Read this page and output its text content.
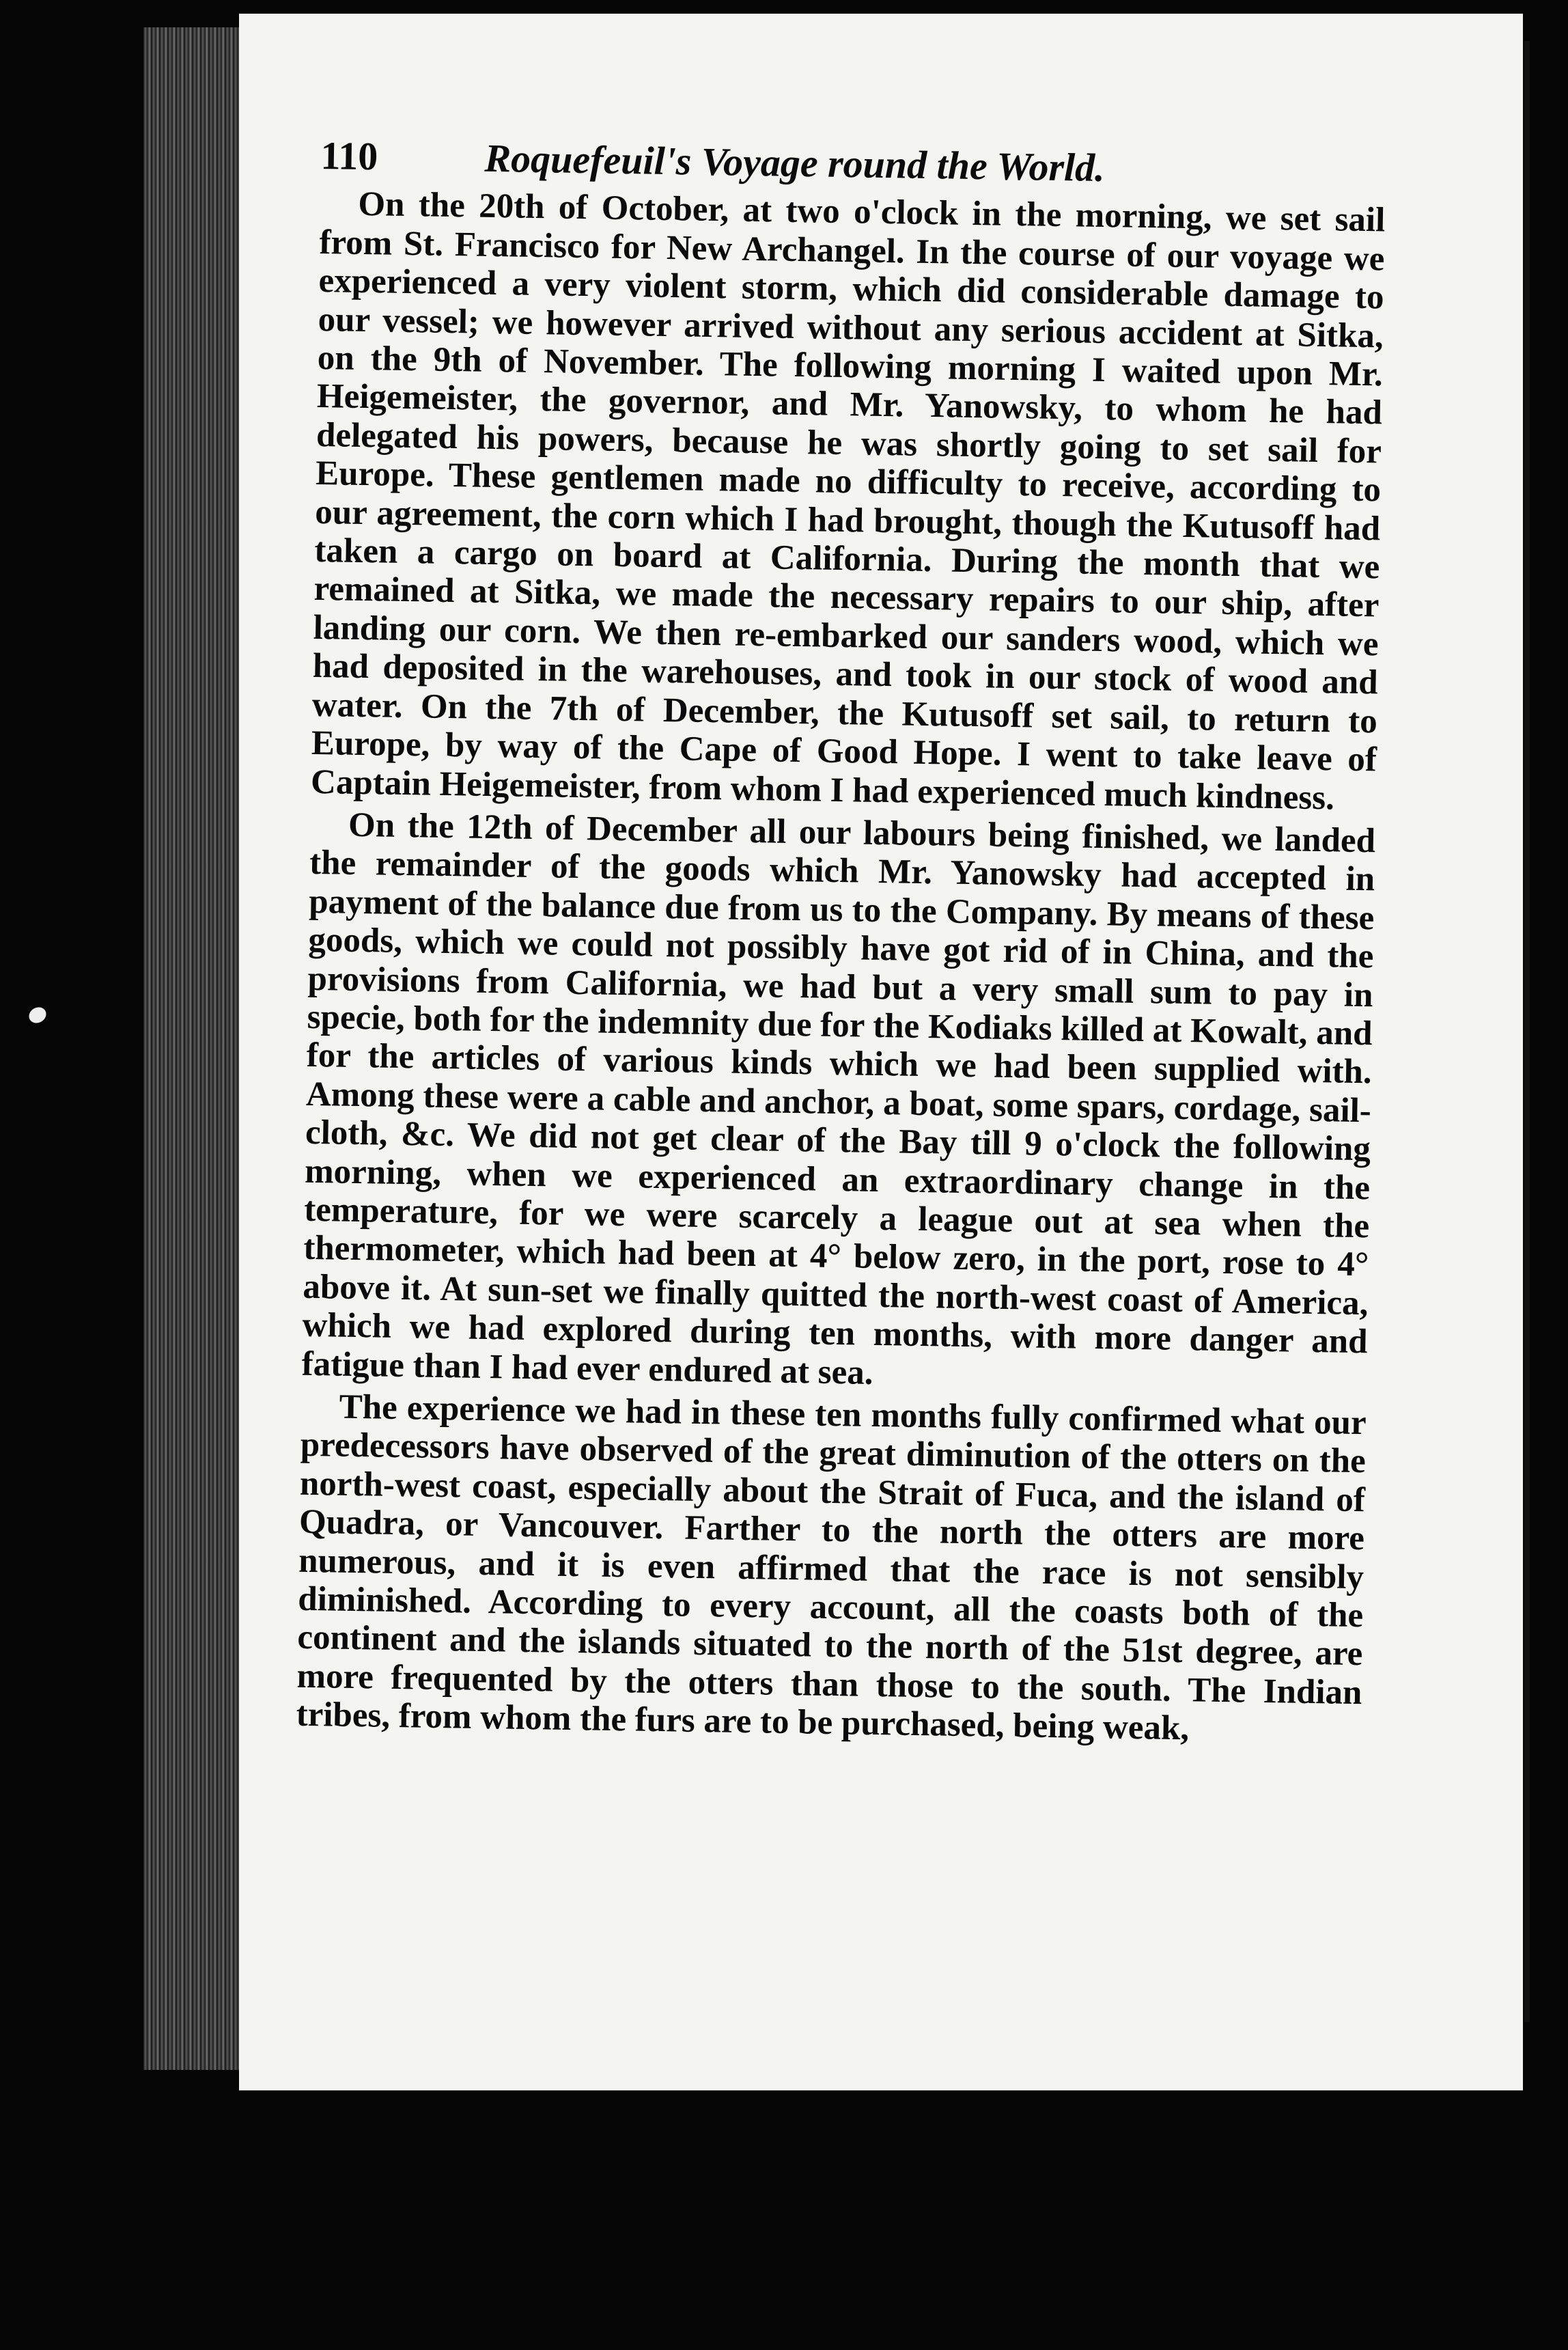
110	Roquеfeuil's Voyage round the World.

On the 20th of October, at two o'clock in the morning, we set sail from St. Francisco for New Archangel. In the course of our voyage we experienced a very violent storm, which did considerable damage to our vessel; we however arrived without any serious accident at Sitka, on the 9th of November. The following morning I waited upon Mr. Heigemeister, the governor, and Mr. Yanowsky, to whom he had delegated his powers, because he was shortly going to set sail for Europe. These gentlemen made no difficulty to receive, according to our agreement, the corn which I had brought, though the Kutusoff had taken a cargo on board at California. During the month that we remained at Sitka, we made the necessary repairs to our ship, after landing our corn. We then re-embarked our sanders wood, which we had deposited in the warehouses, and took in our stock of wood and water. On the 7th of December, the Kutusoff set sail, to return to Europe, by way of the Cape of Good Hope. I went to take leave of Captain Heigemeister, from whom I had experienced much kindness.

On the 12th of December all our labours being finished, we landed the remainder of the goods which Mr. Yanowsky had accepted in payment of the balance due from us to the Company. By means of these goods, which we could not possibly have got rid of in China, and the provisions from California, we had but a very small sum to pay in specie, both for the indemnity due for the Kodiaks killed at Kowalt, and for the articles of various kinds which we had been supplied with. Among these were a cable and anchor, a boat, some spars, cordage, sail-cloth, &c. We did not get clear of the Bay till 9 o'clock the following morning, when we experienced an extraordinary change in the temperature, for we were scarcely a league out at sea when the thermometer, which had been at 4° below zero, in the port, rose to 4° above it. At sun-set we finally quitted the north-west coast of America, which we had explored during ten months, with more danger and fatigue than I had ever endured at sea.

The experience we had in these ten months fully confirmed what our predecessors have observed of the great diminution of the otters on the north-west coast, especially about the Strait of Fuca, and the island of Quadra, or Vancouver. Farther to the north the otters are more numerous, and it is even affirmed that the race is not sensibly diminished. According to every account, all the coasts both of the continent and the islands situated to the north of the 51st degree, are more frequented by the otters than those to the south. The Indian tribes, from whom the furs are to be purchased, being weak,
